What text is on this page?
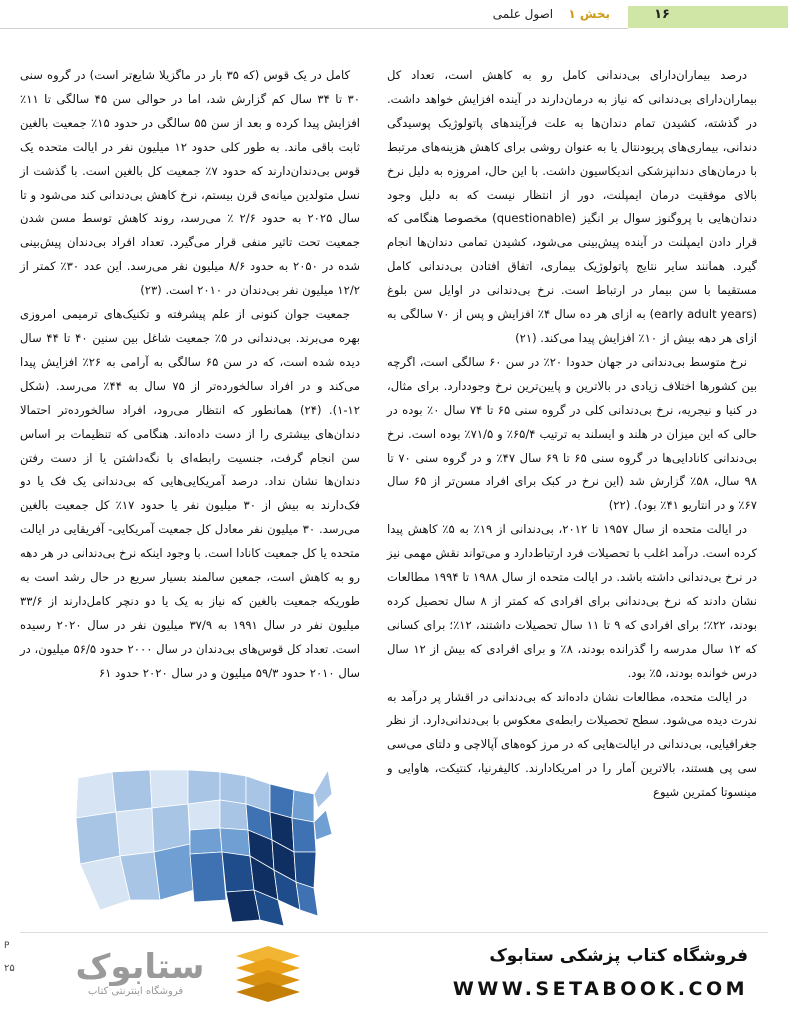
۱۶
بخش ۱    اصول علمی

درصد بیماران‌دارای بی‌دندانی کامل رو به کاهش است، تعداد کل بیماران‌دارای بی‌دندانی که نیاز به درمان‌دارند در آینده افزایش خواهد داشت. در گذشته، کشیدن تمام دندان‌ها به علت فرآیندهای پاتولوژیک پوسیدگی دندانی، بیماری‌های پریودنتال یا به عنوان روشی برای کاهش هزینه‌های مرتبط با درمان‌های دندانپزشکی اندیکاسیون داشت. با این حال، امروزه به دلیل نرخ بالای موفقیت درمان ایمپلنت، دور از انتظار نیست که به دلیل وجود دندان‌هایی با پروگنوز سوال بر انگیز (questionable) مخصوصا هنگامی که قرار دادن ایمپلنت در آینده پیش‌بینی می‌شود، کشیدن تمامی دندان‌ها انجام گیرد. همانند سایر نتایج پاتولوژیک بیماری، اتفاق افتادن بی‌دندانی کامل مستقیما با سن بیمار در ارتباط است. نرخ بی‌دندانی در اوایل سن بلوغ (early adult years) به ازای هر ده سال ۴٪ افزایش و پس از ۷۰ سالگی به ازای هر دهه بیش از ۱۰٪ افزایش پیدا می‌کند. (۲۱)

نرخ متوسط بی‌دندانی در جهان حدودا ۲۰٪ در سن ۶۰ سالگی است، اگرچه بین کشورها اختلاف زیادی در بالاترین و پایین‌ترین نرخ وجوددارد. برای مثال، در کنیا و نیجریه، نرخ بی‌دندانی کلی در گروه سنی ۶۵ تا ۷۴ سال ۰٪ بوده در حالی که این میزان در هلند و ایسلند به ترتیب ۶۵/۴٪ و ۷۱/۵٪ بوده است. نرخ بی‌دندانی کانادایی‌ها در گروه سنی ۶۵ تا ۶۹ سال ۴۷٪ و در گروه سنی ۷۰ تا ۹۸ سال، ۵۸٪ گزارش شد (این نرخ در کبک برای افراد مسن‌تر از ۶۵ سال ۶۷٪ و در انتاریو ۴۱٪ بود). (۲۲)

در ایالت متحده از سال ۱۹۵۷ تا ۲۰۱۲، بی‌دندانی از ۱۹٪ به ۵٪ کاهش پیدا کرده است. درآمد اغلب با تحصیلات فرد ارتباط‌دارد و می‌تواند نقش مهمی نیز در نرخ بی‌دندانی داشته باشد. در ایالت متحده از سال ۱۹۸۸ تا ۱۹۹۴ مطالعات نشان دادند که نرخ بی‌دندانی برای افرادی که کمتر از ۸ سال تحصیل کرده بودند، ۲۲٪؛ برای افرادی که ۹ تا ۱۱ سال تحصیلات داشتند، ۱۲٪؛ برای کسانی که ۱۲ سال مدرسه را گذرانده بودند، ۸٪ و برای افرادی که بیش از ۱۲ سال درس خوانده بودند، ۵٪ بود.

در ایالت متحده، مطالعات نشان داده‌اند که بی‌دندانی در اقشار پر درآمد به ندرت دیده می‌شود. سطح تحصیلات رابطه‌ی معکوس با بی‌دندانی‌دارد. از نظر جغرافیایی، بی‌دندانی در ایالت‌هایی که در مرز کوه‌های آپالاچی و دلتای می‌سی سی پی هستند، بالاترین آمار را در امریکادارند. کالیفرنیا، کنتیکت، هاوایی و مینسوتا کمترین شیوع

کامل در یک قوس (که ۳۵ بار در ماگزیلا شایع‌تر است) در گروه سنی ۳۰ تا ۳۴ سال کم گزارش شد، اما در حوالی سن ۴۵ سالگی تا ۱۱٪ افزایش پیدا کرده و بعد از سن ۵۵ سالگی در حدود ۱۵٪ جمعیت بالغین ثابت باقی ماند. به طور کلی حدود ۱۲ میلیون نفر در ایالت متحده یک قوس بی‌دندان‌دارند که حدود ۷٪ جمعیت کل بالغین است. با گذشت از نسل متولدین میانه‌ی قرن بیستم، نرخ کاهش بی‌دندانی کند می‌شود و تا سال ۲۰۲۵ به حدود ۲/۶ ٪ می‌رسد، روند کاهش توسط مسن شدن جمعیت تحت تاثیر منفی قرار می‌گیرد. تعداد افراد بی‌دندان پیش‌بینی شده در ۲۰۵۰ به حدود ۸/۶ میلیون نفر می‌رسد. این عدد ۳۰٪ کمتر از ۱۲/۲ میلیون نفر بی‌دندان در ۲۰۱۰ است. (۲۳)

جمعیت جوان کنونی از علم پیشرفته و تکنیک‌های ترمیمی امروزی بهره می‌برند. بی‌دندانی در ۵٪ جمعیت شاغل بین سنین ۴۰ تا ۴۴ سال دیده شده است، که در سن ۶۵ سالگی به آرامی به ۲۶٪ افزایش پیدا می‌کند و در افراد سالخورده‌تر از ۷۵ سال به ۴۴٪ می‌رسد. (شکل ۱۲-۱). (۲۴) همانطور که انتظار می‌رود، افراد سالخورده‌تر احتمالا دندان‌های بیشتری را از دست داده‌اند. هنگامی که تنظیمات بر اساس سن انجام گرفت، جنسیت رابطه‌ای با نگه‌داشتن یا از دست رفتن دندان‌ها نشان نداد. درصد آمریکایی‌هایی که بی‌دندانی یک فک یا دو فک‌دارند به بیش از ۳۰ میلیون نفر یا حدود ۱۷٪ کل جمعیت بالغین می‌رسد. ۳۰ میلیون نفر معادل کل جمعیت آمریکایی- آفریقایی در ایالت متحده یا کل جمعیت کانادا است. با وجود اینکه نرخ بی‌دندانی در هر دهه رو به کاهش است، جمعین سالمند بسیار سریع در حال رشد است به طوریکه جمعیت بالغین که نیاز به یک یا دو دنچر کامل‌دارند از ۳۳/۶ میلیون نفر در سال ۱۹۹۱ به ۳۷/۹ میلیون نفر در سال ۲۰۲۰ رسیده است. تعداد کل قوس‌های بی‌دندان در سال ۲۰۰۰ حدود ۵۶/۵ میلیون، در سال ۲۰۱۰ حدود ۵۹/۳ میلیون و در سال ۲۰۲۰ حدود ۶۱

P
۲۵ ستابوک
فروشگاه اینترنتی کتاب
فروشگاه کتاب پزشکی ستابوک
WWW.SETABOOK.COM
